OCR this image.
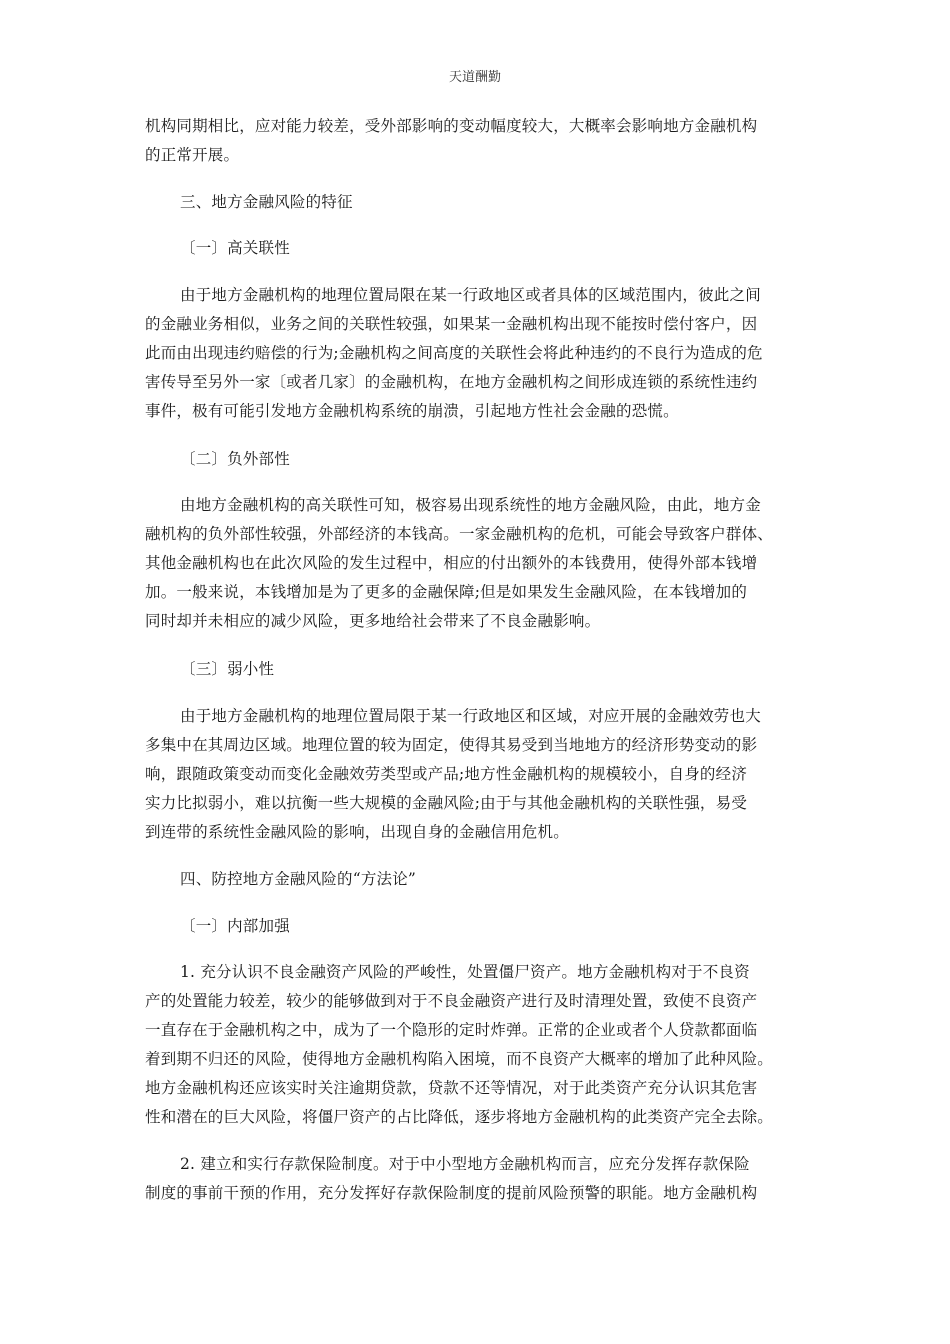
天道酬勤
机构同期相比，应对能力较差，受外部影响的变动幅度较大，大概率会影响地方金融机构
的正常开展。
三、地方金融风险的特征
〔一〕高关联性
由于地方金融机构的地理位置局限在某一行政地区或者具体的区域范围内，彼此之间
的金融业务相似，业务之间的关联性较强，如果某一金融机构出现不能按时偿付客户，因
此而由出现违约赔偿的行为;金融机构之间高度的关联性会将此种违约的不良行为造成的危
害传导至另外一家〔或者几家〕的金融机构，在地方金融机构之间形成连锁的系统性违约
事件，极有可能引发地方金融机构系统的崩溃，引起地方性社会金融的恐慌。
〔二〕负外部性
由地方金融机构的高关联性可知，极容易出现系统性的地方金融风险，由此，地方金
融机构的负外部性较强，外部经济的本钱高。一家金融机构的危机，可能会导致客户群体、
其他金融机构也在此次风险的发生过程中，相应的付出额外的本钱费用，使得外部本钱增
加。一般来说，本钱增加是为了更多的金融保障;但是如果发生金融风险，在本钱增加的
同时却并未相应的减少风险，更多地给社会带来了不良金融影响。
〔三〕弱小性
由于地方金融机构的地理位置局限于某一行政地区和区域，对应开展的金融效劳也大
多集中在其周边区域。地理位置的较为固定，使得其易受到当地地方的经济形势变动的影
响，跟随政策变动而变化金融效劳类型或产品;地方性金融机构的规模较小，自身的经济
实力比拟弱小，难以抗衡一些大规模的金融风险;由于与其他金融机构的关联性强，易受
到连带的系统性金融风险的影响，出现自身的金融信用危机。
四、防控地方金融风险的“方法论”
〔一〕内部加强
1. 充分认识不良金融资产风险的严峻性，处置僵尸资产。地方金融机构对于不良资
产的处置能力较差，较少的能够做到对于不良金融资产进行及时清理处置，致使不良资产
一直存在于金融机构之中，成为了一个隐形的定时炸弹。正常的企业或者个人贷款都面临
着到期不归还的风险，使得地方金融机构陷入困境，而不良资产大概率的增加了此种风险。
地方金融机构还应该实时关注逾期贷款，贷款不还等情况，对于此类资产充分认识其危害
性和潜在的巨大风险，将僵尸资产的占比降低，逐步将地方金融机构的此类资产完全去除。
2. 建立和实行存款保险制度。对于中小型地方金融机构而言，应充分发挥存款保险
制度的事前干预的作用，充分发挥好存款保险制度的提前风险预警的职能。地方金融机构
